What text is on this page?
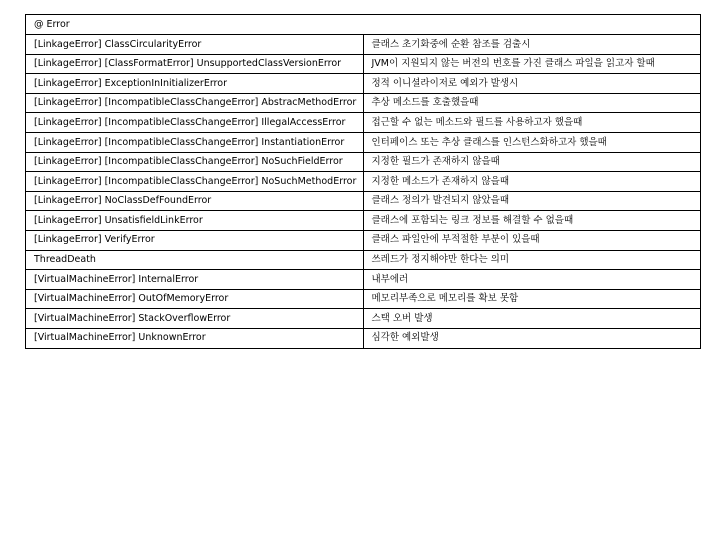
@ Error	
[LinkageError] ClassCircularityError	클래스 초기화중에 순환 참조를 검출시
[LinkageError] [ClassFormatError] UnsupportedClassVersionError	JVM이 지원되지 않는 버전의 번호를 가진 클래스 파일을 읽고자 할때
[LinkageError] ExceptionInInitializerError	정적 이니셜라이저로 예외가 발생시
[LinkageError] [IncompatibleClassChangeError] AbstracMethodError	추상 메소드를 호출했을때
[LinkageError] [IncompatibleClassChangeError] IllegalAccessError	접근할 수 없는 메소드와 필드를 사용하고자 했을때
[LinkageError] [IncompatibleClassChangeError] InstantiationError	인터페이스 또는 추상 클래스를 인스턴스화하고자 했을때
[LinkageError] [IncompatibleClassChangeError] NoSuchFieldError	지정한 필드가 존재하지 않을때
[LinkageError] [IncompatibleClassChangeError] NoSuchMethodError	지정한 메소드가 존재하지 않을때
[LinkageError] NoClassDefFoundError	클래스 정의가 발견되지 않았을때
[LinkageError] UnsatisfieldLinkError	클래스에 포함되는 링크 정보를 해결할 수 없을때
[LinkageError] VerifyError	클래스 파일안에 부적절한 부분이 있을때
ThreadDeath	쓰레드가 정지해야만 한다는 의미
[VirtualMachineError] InternalError	내부에러
[VirtualMachineError] OutOfMemoryError	메모리부족으로 메모리를 확보 못함
[VirtualMachineError] StackOverflowError	스택 오버 발생
[VirtualMachineError] UnknownError	심각한 예외발생
